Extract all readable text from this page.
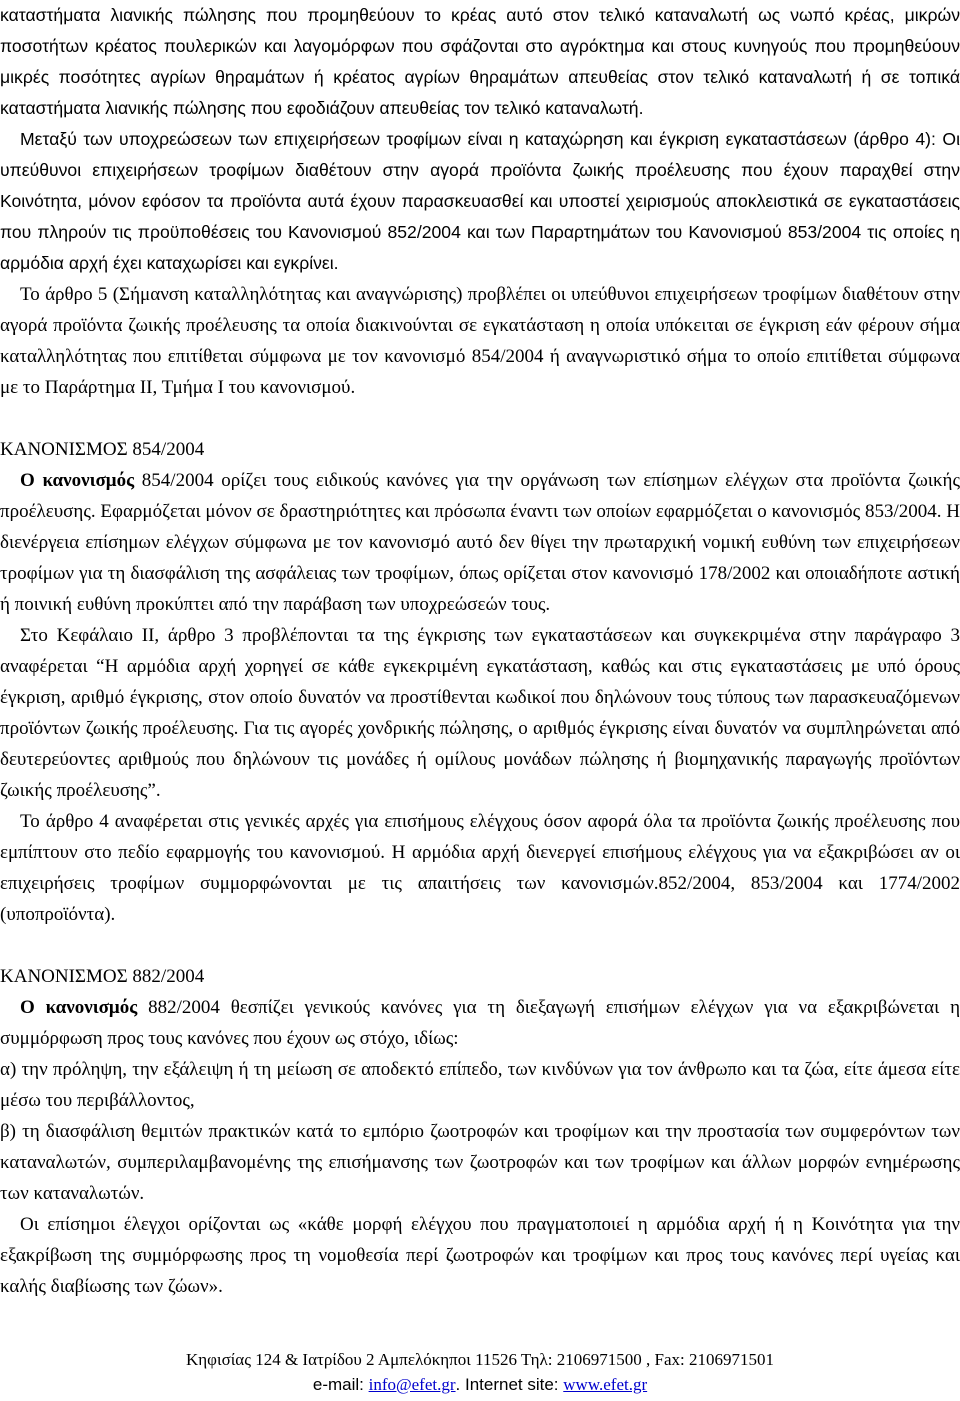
καταστήματα λιανικής πώλησης που προμηθεύουν το κρέας αυτό στον τελικό καταναλωτή ως νωπό κρέας, μικρών ποσοτήτων κρέατος πουλερικών και λαγομόρφων που σφάζονται στο αγρόκτημα και στους κυνηγούς που προμηθεύουν μικρές ποσότητες αγρίων θηραμάτων ή κρέατος αγρίων θηραμάτων απευθείας στον τελικό καταναλωτή ή σε τοπικά καταστήματα λιανικής πώλησης που εφοδιάζουν απευθείας τον τελικό καταναλωτή.

Μεταξύ των υποχρεώσεων των επιχειρήσεων τροφίμων είναι η καταχώρηση και έγκριση εγκαταστάσεων (άρθρο 4): Οι υπεύθυνοι επιχειρήσεων τροφίμων διαθέτουν στην αγορά προϊόντα ζωικής προέλευσης που έχουν παραχθεί στην Κοινότητα, μόνον εφόσον τα προϊόντα αυτά έχουν παρασκευασθεί και υποστεί χειρισμούς αποκλειστικά σε εγκαταστάσεις που πληρούν τις προϋποθέσεις του Κανονισμού 852/2004 και των Παραρτημάτων του Κανονισμού 853/2004 τις οποίες η αρμόδια αρχή έχει καταχωρίσει και εγκρίνει.

Το άρθρο 5 (Σήμανση καταλληλότητας και αναγνώρισης) προβλέπει οι υπεύθυνοι επιχειρήσεων τροφίμων διαθέτουν στην αγορά προϊόντα ζωικής προέλευσης τα οποία διακινούνται σε εγκατάσταση η οποία υπόκειται σε έγκριση εάν φέρουν σήμα καταλληλότητας που επιτίθεται σύμφωνα με τον κανονισμό 854/2004 ή αναγνωριστικό σήμα το οποίο επιτίθεται σύμφωνα με το Παράρτημα ΙΙ, Τμήμα Ι του κανονισμού.

ΚΑΝΟΝΙΣΜΟΣ 854/2004

Ο κανονισμός 854/2004 ορίζει τους ειδικούς κανόνες για την οργάνωση των επίσημων ελέγχων στα προϊόντα ζωικής προέλευσης. Εφαρμόζεται μόνον σε δραστηριότητες και πρόσωπα έναντι των οποίων εφαρμόζεται ο κανονισμός 853/2004. Η διενέργεια επίσημων ελέγχων σύμφωνα με τον κανονισμό αυτό δεν θίγει την πρωταρχική νομική ευθύνη των επιχειρήσεων τροφίμων για τη διασφάλιση της ασφάλειας των τροφίμων, όπως ορίζεται στον κανονισμό 178/2002 και οποιαδήποτε αστική ή ποινική ευθύνη προκύπτει από την παράβαση των υποχρεώσεών τους.

Στο Κεφάλαιο ΙΙ, άρθρο 3 προβλέπονται τα της έγκρισης των εγκαταστάσεων και συγκεκριμένα στην παράγραφο 3 αναφέρεται “Η αρμόδια αρχή χορηγεί σε κάθε εγκεκριμένη εγκατάσταση, καθώς και στις εγκαταστάσεις με υπό όρους έγκριση, αριθμό έγκρισης, στον οποίο δυνατόν να προστίθενται κωδικοί που δηλώνουν τους τύπους των παρασκευαζόμενων προϊόντων ζωικής προέλευσης. Για τις αγορές χονδρικής πώλησης, ο αριθμός έγκρισης είναι δυνατόν να συμπληρώνεται από δευτερεύοντες αριθμούς που δηλώνουν τις μονάδες ή ομίλους μονάδων πώλησης ή βιομηχανικής παραγωγής προϊόντων ζωικής προέλευσης”.

Το άρθρο 4 αναφέρεται στις γενικές αρχές για επισήμους ελέγχους όσον αφορά όλα τα προϊόντα ζωικής προέλευσης που εμπίπτουν στο πεδίο εφαρμογής του κανονισμού. Η αρμόδια αρχή διενεργεί επισήμους ελέγχους για να εξακριβώσει αν οι επιχειρήσεις τροφίμων συμμορφώνονται με τις απαιτήσεις των κανονισμών.852/2004, 853/2004 και 1774/2002 (υποπροϊόντα).

ΚΑΝΟΝΙΣΜΟΣ 882/2004

Ο κανονισμός 882/2004 θεσπίζει γενικούς κανόνες για τη διεξαγωγή επισήμων ελέγχων για να εξακριβώνεται η συμμόρφωση προς τους κανόνες που έχουν ως στόχο, ιδίως:

α) την πρόληψη, την εξάλειψη ή τη μείωση σε αποδεκτό επίπεδο, των κινδύνων για τον άνθρωπο και τα ζώα, είτε άμεσα είτε μέσω του περιβάλλοντος,

β) τη διασφάλιση θεμιτών πρακτικών κατά το εμπόριο ζωοτροφών και τροφίμων και την προστασία των συμφερόντων των καταναλωτών, συμπεριλαμβανομένης της επισήμανσης των ζωοτροφών και των τροφίμων και άλλων μορφών ενημέρωσης των καταναλωτών.

Οι επίσημοι έλεγχοι ορίζονται ως «κάθε μορφή ελέγχου που πραγματοποιεί η αρμόδια αρχή ή η Κοινότητα για την εξακρίβωση της συμμόρφωσης προς τη νομοθεσία περί ζωοτροφών και τροφίμων και προς τους κανόνες περί υγείας και καλής διαβίωσης των ζώων».

Κηφισίας 124 & Ιατρίδου 2 Αμπελόκηποι 11526 Τηλ: 2106971500 , Fax: 2106971501
e-mail: info@efet.gr. Internet site: www.efet.gr
